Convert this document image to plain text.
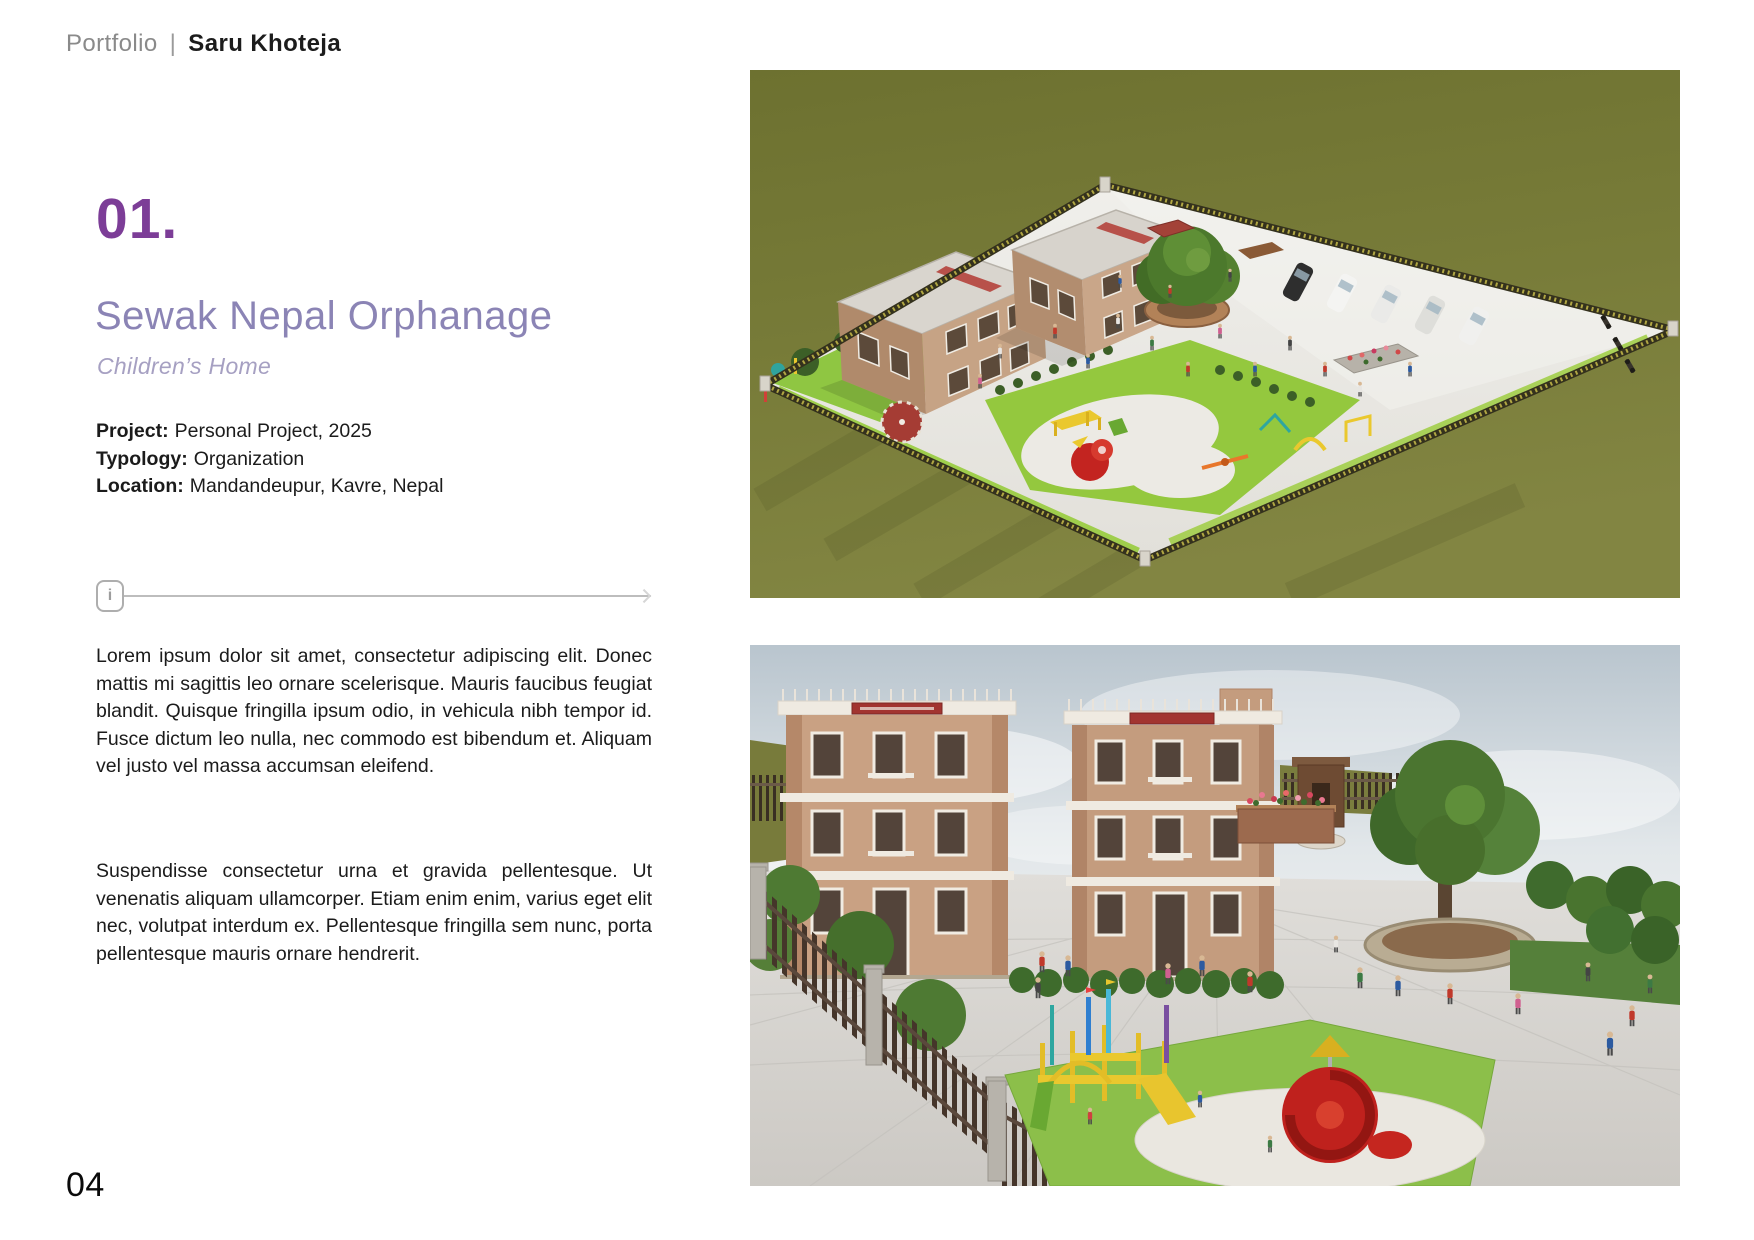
Portfolio | Saru Khoteja
01.
Sewak Nepal Orphanage
Children’s Home
Project: Personal Project, 2025
Typology: Organization
Location: Mandandeupur, Kavre, Nepal
i

Lorem ipsum dolor sit amet, consectetur adipiscing elit. Donec mattis mi sagittis leo ornare scelerisque. Mauris faucibus feugiat blandit. Quisque fringilla ipsum odio, in vehicula nibh tempor id. Fusce dictum leo nulla, nec commodo est bibendum et. Aliquam vel justo vel massa accumsan eleifend.

Suspendisse consectetur urna et gravida pellentesque. Ut venenatis aliquam ullamcorper. Etiam enim enim, varius eget elit nec, volutpat interdum ex. Pellentesque fringilla sem nunc, porta pellentesque mauris ornare hendrerit.

04
